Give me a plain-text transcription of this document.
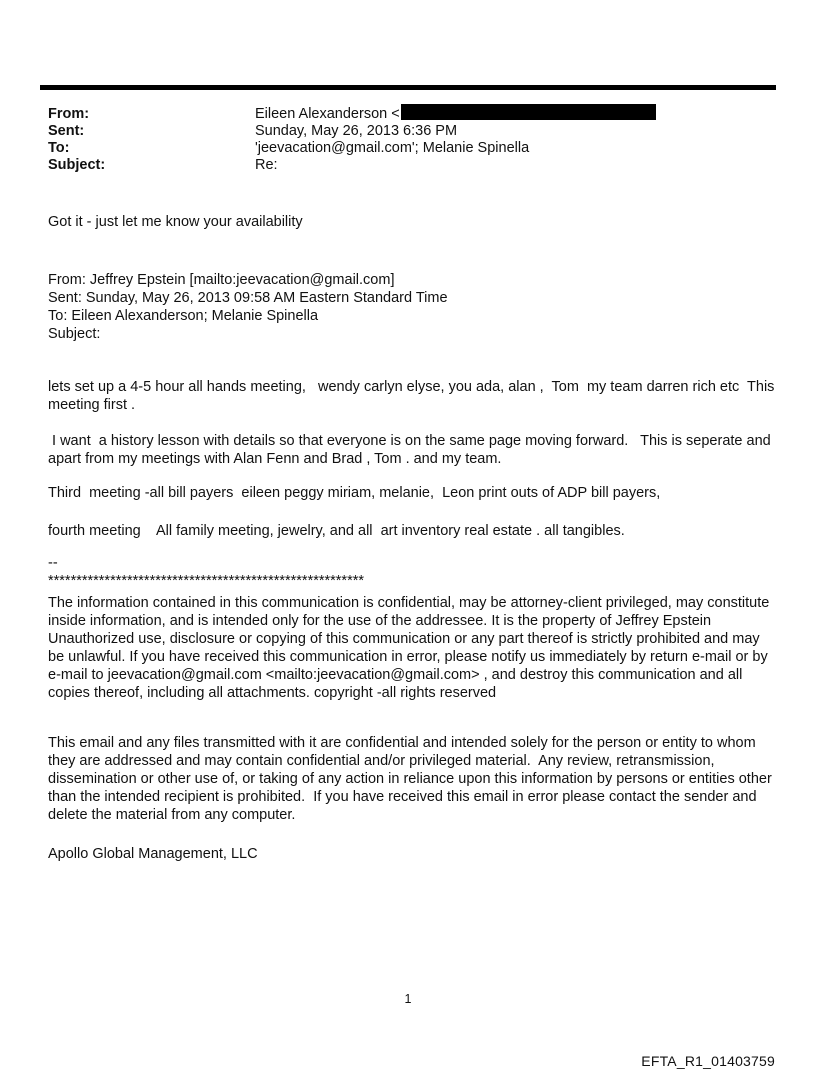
From:	Eileen Alexanderson <
Sent:	Sunday, May 26, 2013 6:36 PM
To:	'jeevacation@gmail.com'; Melanie Spinella
Subject:	Re:
Got it - just let me know your availability
From: Jeffrey Epstein [mailto:jeevacation@gmail.com]
Sent: Sunday, May 26, 2013 09:58 AM Eastern Standard Time
To: Eileen Alexanderson; Melanie Spinella
Subject:
lets set up a 4-5 hour all hands meeting,   wendy carlyn elyse, you ada, alan ,  Tom  my team darren rich etc  This meeting first .
I want  a history lesson with details so that everyone is on the same page moving forward.   This is seperate and apart from my meetings with Alan Fenn and Brad , Tom . and my team.
Third  meeting -all bill payers  eileen peggy miriam, melanie,  Leon print outs of ADP bill payers,
fourth meeting    All family meeting, jewelry, and all  art inventory real estate . all tangibles.
--
********************************************************
The information contained in this communication is confidential, may be attorney-client privileged, may constitute inside information, and is intended only for the use of the addressee. It is the property of Jeffrey Epstein Unauthorized use, disclosure or copying of this communication or any part thereof is strictly prohibited and may be unlawful. If you have received this communication in error, please notify us immediately by return e-mail or by e-mail to jeevacation@gmail.com <mailto:jeevacation@gmail.com> , and destroy this communication and all copies thereof, including all attachments. copyright -all rights reserved
This email and any files transmitted with it are confidential and intended solely for the person or entity to whom they are addressed and may contain confidential and/or privileged material.  Any review, retransmission, dissemination or other use of, or taking of any action in reliance upon this information by persons or entities other than the intended recipient is prohibited.  If you have received this email in error please contact the sender and delete the material from any computer.
Apollo Global Management, LLC
1
EFTA_R1_01403759
